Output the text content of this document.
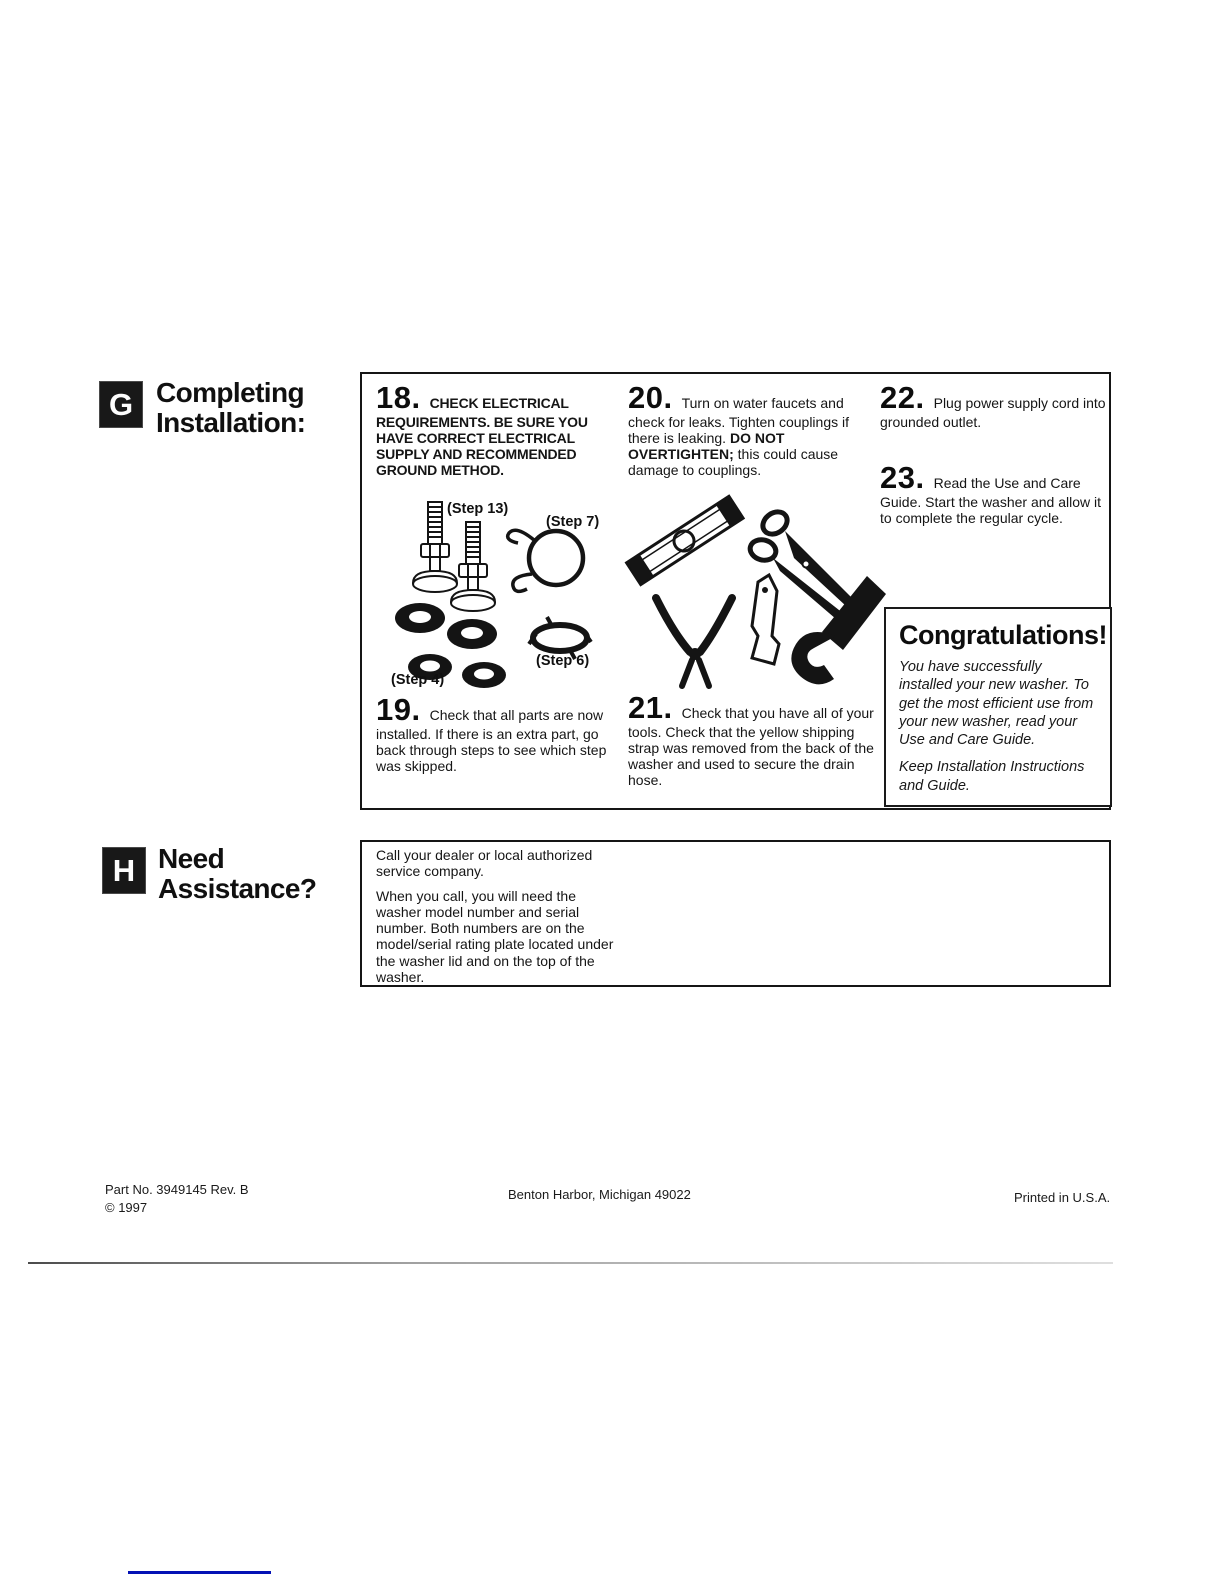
G Completing
Installation:

18. CHECK ELECTRICAL REQUIREMENTS. BE SURE YOU HAVE CORRECT ELECTRICAL SUPPLY AND RECOMMENDED GROUND METHOD.

(Step 13)
(Step 7)
(Step 4)
(Step 6)

19. Check that all parts are now installed. If there is an extra part, go back through steps to see which step was skipped.

20. Turn on water faucets and check for leaks. Tighten couplings if there is leaking. DO NOT OVERTIGHTEN; this could cause damage to couplings.

21. Check that you have all of your tools. Check that the yellow shipping strap was removed from the back of the washer and used to secure the drain hose.

22. Plug power supply cord into grounded outlet.

23. Read the Use and Care Guide. Start the washer and allow it to complete the regular cycle.

Congratulations!

You have successfully installed your new washer. To get the most efficient use from your new washer, read your Use and Care Guide.

Keep Installation Instructions and Guide.

H Need
Assistance?

Call your dealer or local authorized service company.

When you call, you will need the washer model number and serial number. Both numbers are on the model/serial rating plate located under the washer lid and on the top of the washer.

Part No. 3949145 Rev. B
© 1997
Benton Harbor, Michigan 49022	Printed in U.S.A.
